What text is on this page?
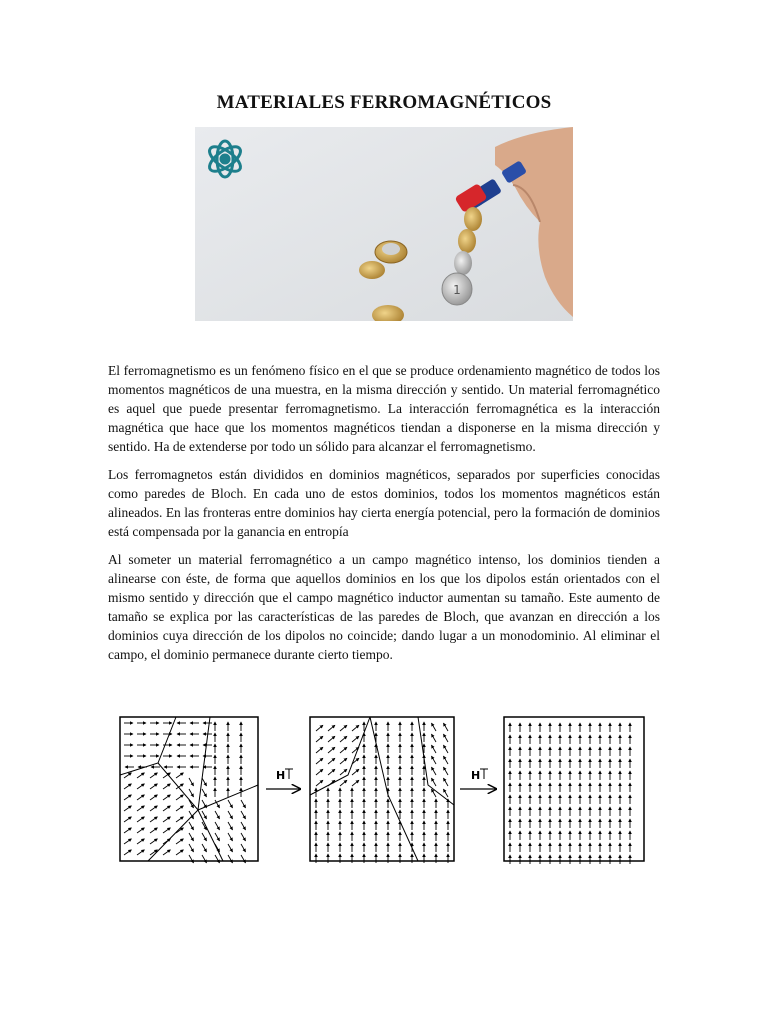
MATERIALES FERROMAGNÉTICOS
1

El ferromagnetismo es un fenómeno físico en el que se produce ordenamiento magnético de todos los momentos magnéticos de una muestra, en la misma dirección y sentido. Un material ferromagnético es aquel que puede presentar ferromagnetismo. La interacción ferromagnética es la interacción magnética que hace que los momentos magnéticos tiendan a disponerse en la misma dirección y sentido. Ha de extenderse por todo un sólido para alcanzar el ferromagnetismo.

Los ferromagnetos están divididos en dominios magnéticos, separados por superficies conocidas como paredes de Bloch. En cada uno de estos dominios, todos los momentos magnéticos están alineados. En las fronteras entre dominios hay cierta energía potencial, pero la formación de dominios está compensada por la ganancia en entropía

Al someter un material ferromagnético a un campo magnético intenso, los dominios tienden a alinearse con éste, de forma que aquellos dominios en los que los dipolos están orientados con el mismo sentido y dirección que el campo magnético inductor aumentan su tamaño. Este aumento de tamaño se explica por las características de las paredes de Bloch, que avanzan en dirección a los dominios cuya dirección de los dipolos no coincide; dando lugar a un monodominio. Al eliminar el campo, el dominio permanece durante cierto tiempo.

H	H
